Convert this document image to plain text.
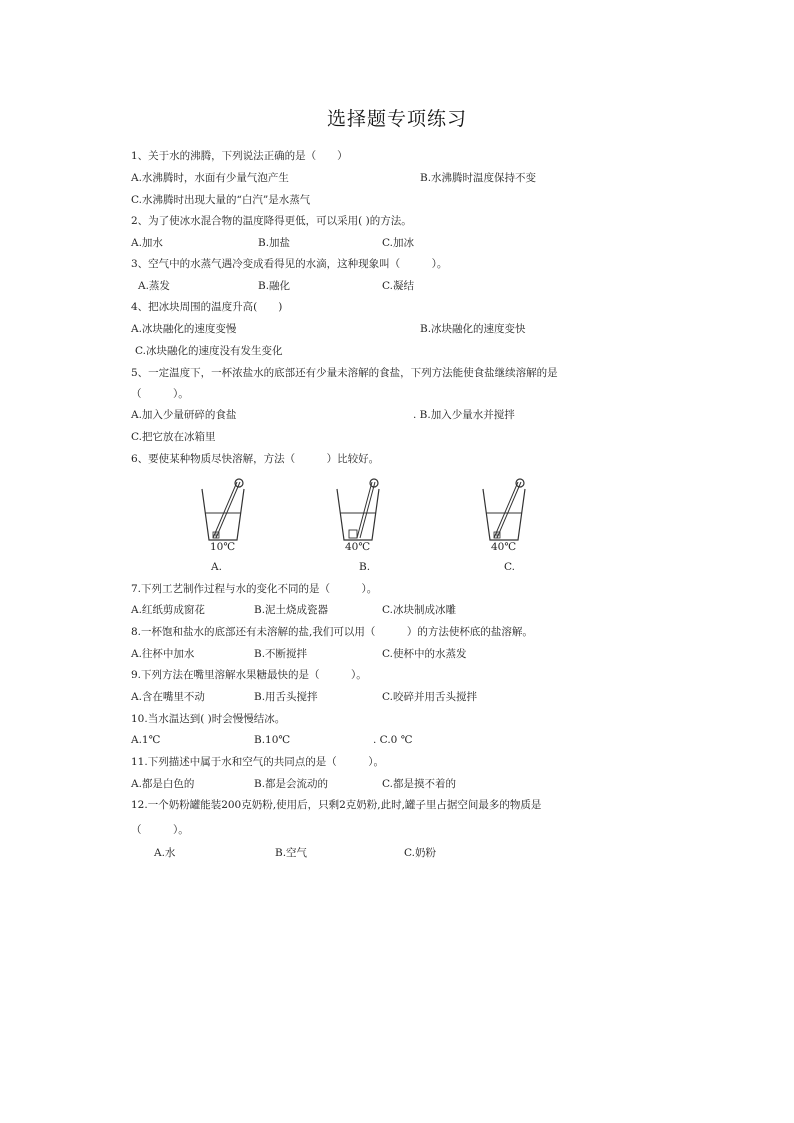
选择题专项练习
1、关于水的沸腾，下列说法正确的是（　　）
A.水沸腾时，水面有少量气泡产生	B.水沸腾时温度保持不变
C.水沸腾时出现大量的“白汽”是水蒸气
2、为了使冰水混合物的温度降得更低，可以采用( )的方法。
A.加水	B.加盐	C.加冰
3、空气中的水蒸气遇冷变成看得见的水滴，这种现象叫（　　　）。
A.蒸发	B.融化	C.凝结
4、把冰块周围的温度升高(　　)
A.冰块融化的速度变慢	B.冰块融化的速度变快
C.冰块融化的速度没有发生变化
5、一定温度下，一杯浓盐水的底部还有少量未溶解的食盐，下列方法能使食盐继续溶解的是
（　　　）。
A.加入少量研碎的食盐	. B.加入少量水并搅拌
C.把它放在冰箱里
6、要使某种物质尽快溶解，方法（　　　）比较好。
10℃	40℃	40℃
A.	B.	C.
7.下列工艺制作过程与水的变化不同的是（　　　）。
A.红纸剪成窗花	B.泥土烧成瓷器	C.冰块制成冰雕
8.一杯饱和盐水的底部还有未溶解的盐,我们可以用（　　　）的方法使杯底的盐溶解。
A.往杯中加水	B.不断搅拌	C.使杯中的水蒸发
9.下列方法在嘴里溶解水果糖最快的是（　　　）。
A.含在嘴里不动	B.用舌头搅拌	C.咬碎并用舌头搅拌
10.当水温达到( )时会慢慢结冰。
A.1℃	B.10℃	. C.0 ℃
11.下列描述中属于水和空气的共同点的是（　　　）。
A.都是白色的	B.都是会流动的	C.都是摸不着的
12.一个奶粉罐能装200克奶粉,使用后，只剩2克奶粉,此时,罐子里占据空间最多的物质是
（　　　）。
A.水	B.空气	C.奶粉
